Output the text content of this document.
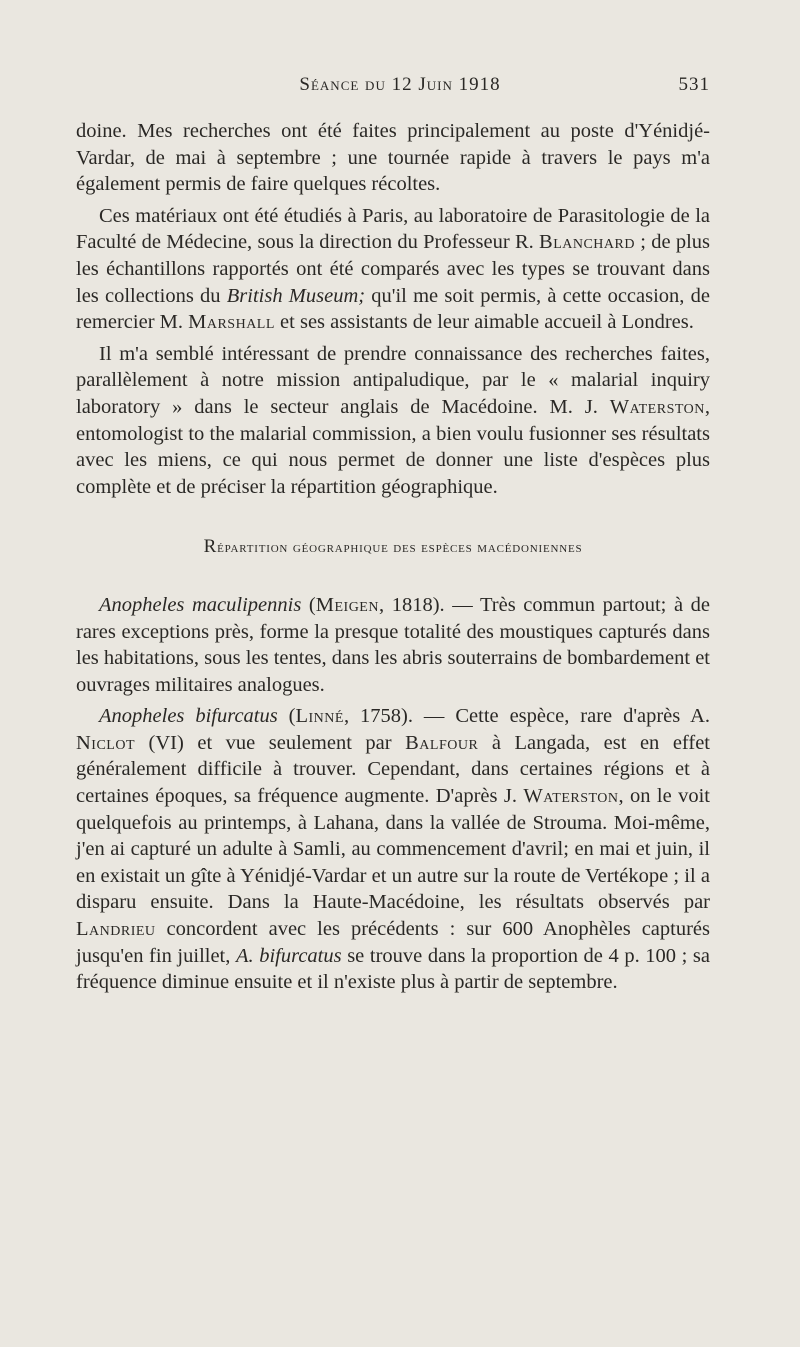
Séance du 12 Juin 1918	531

doine. Mes recherches ont été faites principalement au poste d'Yénidjé-Vardar, de mai à septembre ; une tournée rapide à travers le pays m'a également permis de faire quelques récoltes.

Ces matériaux ont été étudiés à Paris, au laboratoire de Parasitologie de la Faculté de Médecine, sous la direction du Professeur R. Blanchard ; de plus les échantillons rapportés ont été comparés avec les types se trouvant dans les collections du British Museum; qu'il me soit permis, à cette occasion, de remercier M. Marshall et ses assistants de leur aimable accueil à Londres.

Il m'a semblé intéressant de prendre connaissance des recherches faites, parallèlement à notre mission antipaludique, par le « malarial inquiry laboratory » dans le secteur anglais de Macédoine. M. J. Waterston, entomologist to the malarial commission, a bien voulu fusionner ses résultats avec les miens, ce qui nous permet de donner une liste d'espèces plus complète et de préciser la répartition géographique.

Répartition géographique des espèces macédoniennes

Anopheles maculipennis (Meigen, 1818). — Très commun partout; à de rares exceptions près, forme la presque totalité des moustiques capturés dans les habitations, sous les tentes, dans les abris souterrains de bombardement et ouvrages militaires analogues.

Anopheles bifurcatus (Linné, 1758). — Cette espèce, rare d'après A. Niclot (VI) et vue seulement par Balfour à Langada, est en effet généralement difficile à trouver. Cependant, dans certaines régions et à certaines époques, sa fréquence augmente. D'après J. Waterston, on le voit quelquefois au printemps, à Lahana, dans la vallée de Strouma. Moi-même, j'en ai capturé un adulte à Samli, au commencement d'avril; en mai et juin, il en existait un gîte à Yénidjé-Vardar et un autre sur la route de Vertékope ; il a disparu ensuite. Dans la Haute-Macédoine, les résultats observés par Landrieu concordent avec les précédents : sur 600 Anophèles capturés jusqu'en fin juillet, A. bifurcatus se trouve dans la proportion de 4 p. 100 ; sa fréquence diminue ensuite et il n'existe plus à partir de septembre.
